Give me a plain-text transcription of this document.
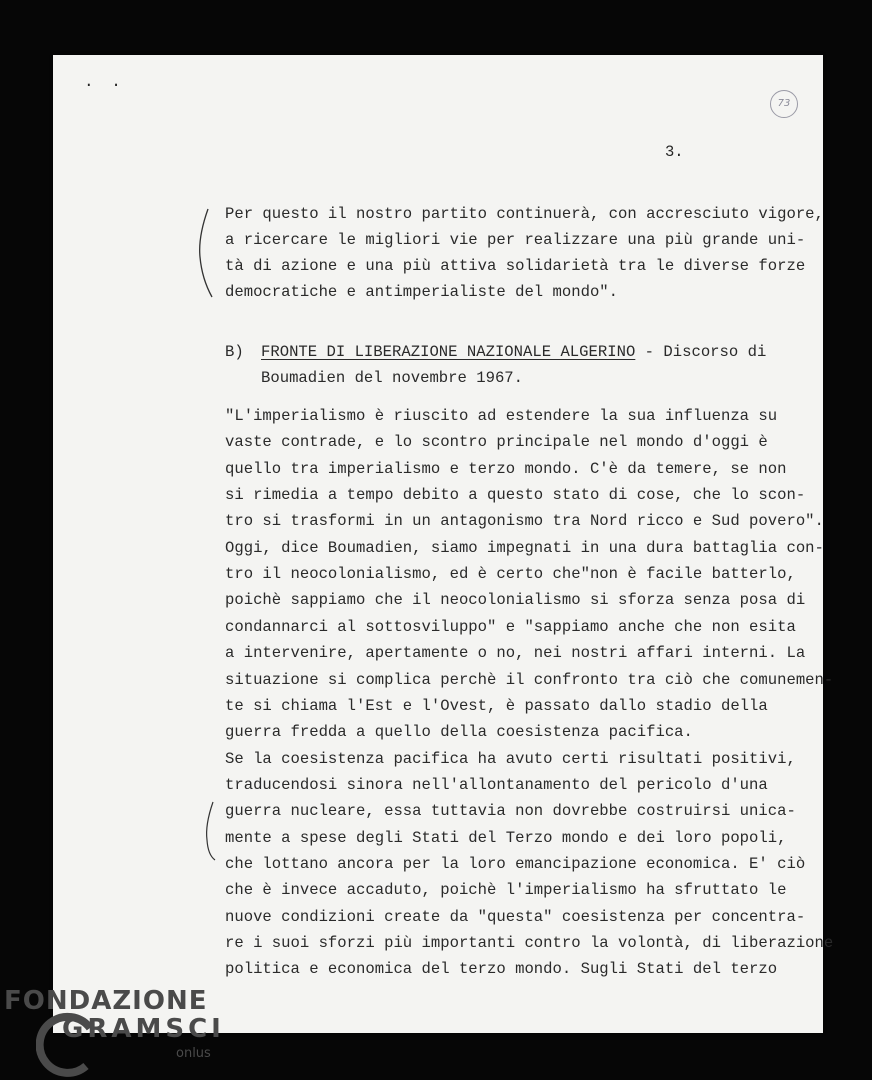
. .
73
3.
Per questo il nostro partito continuerà, con accresciuto vigore,
a ricercare le migliori vie per realizzare una più grande uni-
tà di azione e una più attiva solidarietà tra le diverse forze
democratiche e antimperialiste del mondo".
B) FRONTE DI LIBERAZIONE NAZIONALE ALGERINO - Discorso di
Boumadien del novembre 1967.
"L'imperialismo è riuscito ad estendere la sua influenza su
vaste contrade, e lo scontro principale nel mondo d'oggi è
quello tra imperialismo e terzo mondo. C'è da temere, se non
si rimedia a tempo debito a questo stato di cose, che lo scon-
tro si trasformi in un antagonismo tra Nord ricco e Sud povero".
Oggi, dice Boumadien, siamo impegnati in una dura battaglia con-
tro il neocolonialismo, ed è certo che"non è facile batterlo,
poichè sappiamo che il neocolonialismo si sforza senza posa di
condannarci al sottosviluppo" e "sappiamo anche che non esita
a intervenire, apertamente o no, nei nostri affari interni. La
situazione si complica perchè il confronto tra ciò che comunemen-
te si chiama l'Est e l'Ovest, è passato dallo stadio della
guerra fredda a quello della coesistenza pacifica.
Se la coesistenza pacifica ha avuto certi risultati positivi,
traducendosi sinora nell'allontanamento del pericolo d'una
guerra nucleare, essa tuttavia non dovrebbe costruirsi unica-
mente a spese degli Stati del Terzo mondo e dei loro popoli,
che lottano ancora per la loro emancipazione economica. E' ciò
che è invece accaduto, poichè l'imperialismo ha sfruttato le
nuove condizioni create da "questa" coesistenza per concentra-
re i suoi sforzi più importanti contro la volontà, di liberazione
politica e economica del terzo mondo. Sugli Stati del terzo
FONDAZIONE
GRAMSCI
onlus
